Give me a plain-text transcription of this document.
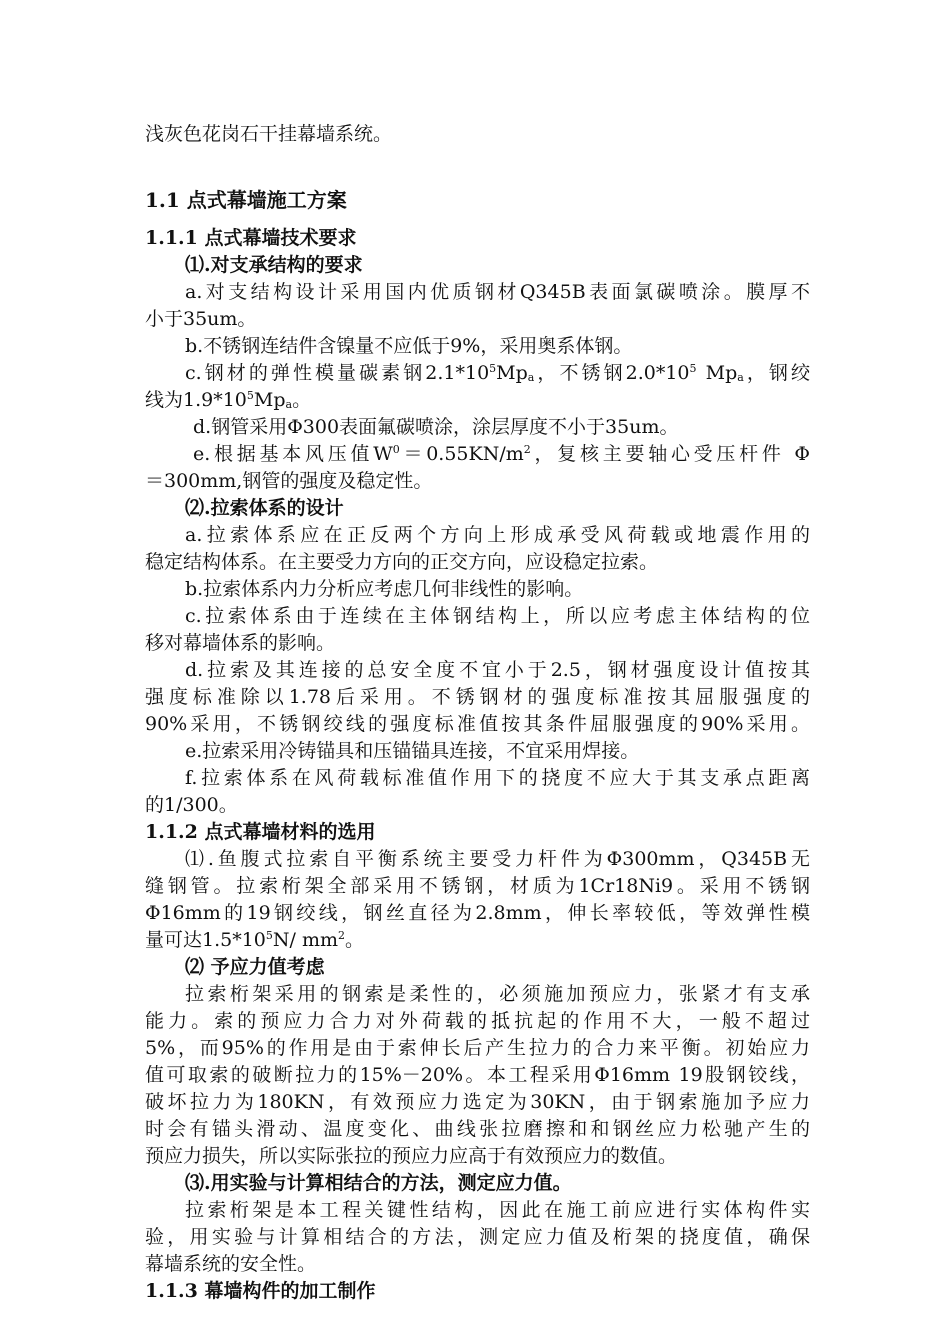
浅灰色花岗石干挂幕墙系统。
1.1 点式幕墙施工方案
1.1.1 点式幕墙技术要求
⑴.对支承结构的要求
a.对支结构设计采用国内优质钢材Q345B表面氯碳喷涂。膜厚不
小于35um。
b.不锈钢连结件含镍量不应低于9%，采用奥系体钢。
c.钢材的弹性模量碳素钢$2.1*10^5Mp_a$，不锈钢$2.0*10^5$ $Mp_a$，钢绞
线为$1.9*10^5Mp_a$。
d.钢管采用Φ300表面氟碳喷涂，涂层厚度不小于35um。
e.根据基本风压值$W^0=0.55KN/m^2$，复核主要轴心受压杆件 Φ
＝300mm,钢管的强度及稳定性。
⑵.拉索体系的设计
a.拉索体系应在正反两个方向上形成承受风荷载或地震作用的
稳定结构体系。在主要受力方向的正交方向，应设稳定拉索。
b.拉索体系内力分析应考虑几何非线性的影响。
c.拉索体系由于连续在主体钢结构上，所以应考虑主体结构的位
移对幕墙体系的影响。
d.拉索及其连接的总安全度不宜小于2.5，钢材强度设计值按其
强度标准除以1.78后采用。不锈钢材的强度标准按其屈服强度的
90%采用，不锈钢绞线的强度标准值按其条件屈服强度的90%采用。
e.拉索采用冷铸锚具和压锚锚具连接，不宜采用焊接。
f.拉索体系在风荷载标准值作用下的挠度不应大于其支承点距离
的1/300。
1.1.2 点式幕墙材料的选用
⑴.鱼腹式拉索自平衡系统主要受力杆件为Φ300mm，Q345B无
缝钢管。拉索桁架全部采用不锈钢，材质为1Cr18Ni9。采用不锈钢
Φ16mm的19钢绞线，钢丝直径为2.8mm，伸长率较低，等效弹性模
量可达$1.5*10^5N/$ $mm^2$。
⑵ 予应力值考虑
拉索桁架采用的钢索是柔性的，必须施加预应力，张紧才有支承
能力。索的预应力合力对外荷载的抵抗起的作用不大，一般不超过
5%，而95%的作用是由于索伸长后产生拉力的合力来平衡。初始应力
值可取索的破断拉力的15%－20%。本工程采用Φ16mm 19股钢铰线，
破坏拉力为180KN，有效预应力选定为30KN，由于钢索施加予应力
时会有锚头滑动、温度变化、曲线张拉磨擦和和钢丝应力松驰产生的
预应力损失，所以实际张拉的预应力应高于有效预应力的数值。
⑶.用实验与计算相结合的方法，测定应力值。
拉索桁架是本工程关键性结构，因此在施工前应进行实体构件实
验，用实验与计算相结合的方法，测定应力值及桁架的挠度值，确保
幕墙系统的安全性。
1.1.3 幕墙构件的加工制作
